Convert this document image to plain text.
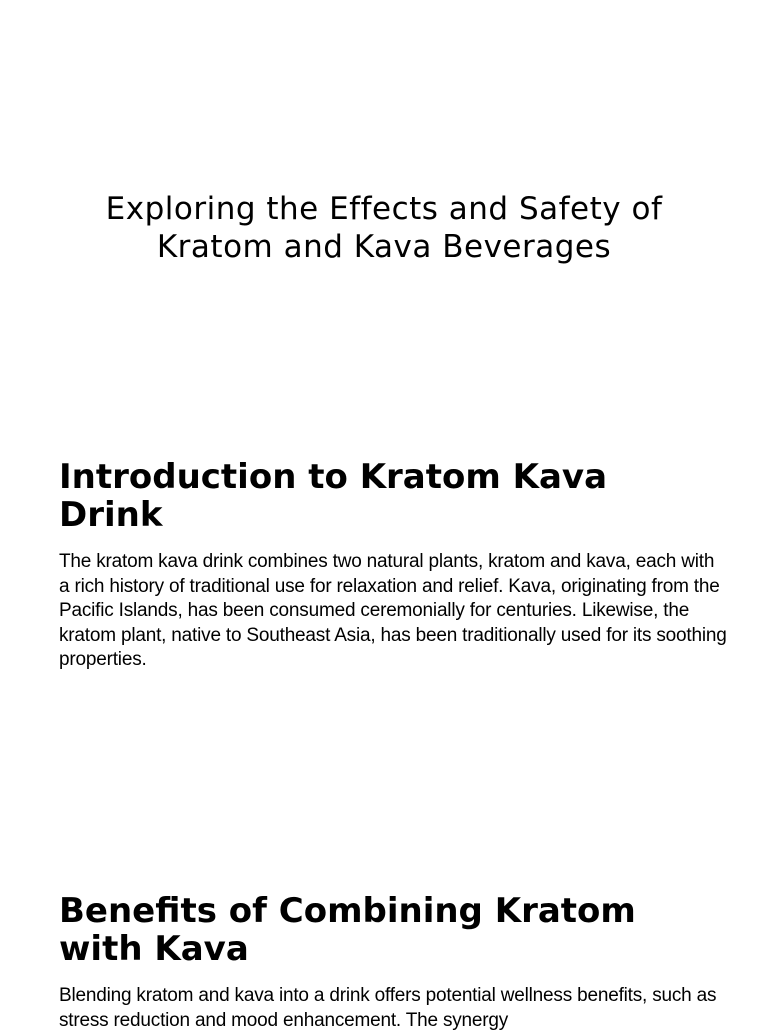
Exploring the Effects and Safety of Kratom and Kava Beverages
Introduction to Kratom Kava Drink

The kratom kava drink combines two natural plants, kratom and kava, each with a rich history of traditional use for relaxation and relief. Kava, originating from the Pacific Islands, has been consumed ceremonially for centuries. Likewise, the kratom plant, native to Southeast Asia, has been traditionally used for its soothing properties.

Benefits of Combining Kratom with Kava

Blending kratom and kava into a drink offers potential wellness benefits, such as stress reduction and mood enhancement. The synergy
